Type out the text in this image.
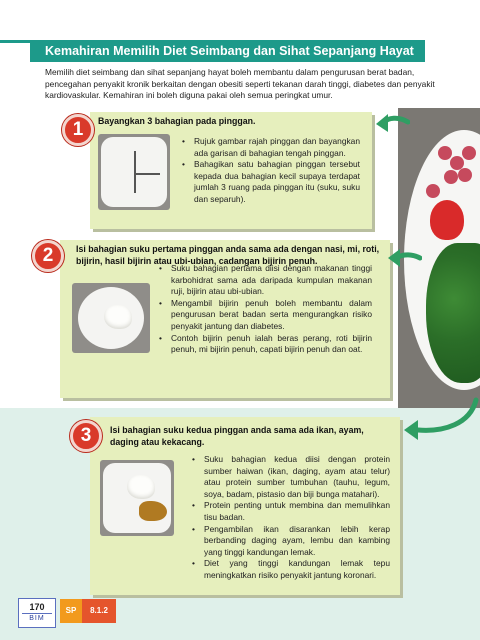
Kemahiran Memilih Diet Seimbang dan Sihat Sepanjang Hayat

Memilih diet seimbang dan sihat sepanjang hayat boleh membantu dalam pengurusan berat badan, pencegahan penyakit kronik berkaitan dengan obesiti seperti tekanan darah tinggi, diabetes dan penyakit kardiovaskular. Kemahiran ini boleh diguna pakai oleh semua peringkat umur.

1	Bayangkan 3 bahagian pada pinggan.
• Rujuk gambar rajah pinggan dan bayangkan ada garisan di bahagian tengah pinggan.
• Bahagikan satu bahagian pinggan tersebut kepada dua bahagian kecil supaya terdapat jumlah 3 ruang pada pinggan itu (suku, suku dan separuh).
2	Isi bahagian suku pertama pinggan anda sama ada dengan nasi, mi, roti, bijirin, hasil bijirin atau ubi-ubian, cadangan bijirin penuh.
• Suku bahagian pertama diisi dengan makanan tinggi karbohidrat sama ada daripada kumpulan makanan ruji, bijirin atau ubi-ubian.
• Mengambil bijirin penuh boleh membantu dalam pengurusan berat badan serta mengurangkan risiko penyakit jantung dan diabetes.
• Contoh bijirin penuh ialah beras perang, roti bijirin penuh, mi bijirin penuh, capati bijirin penuh dan oat.
3	Isi bahagian suku kedua pinggan anda sama ada ikan, ayam, daging atau kekacang.
• Suku bahagian kedua diisi dengan protein sumber haiwan (ikan, daging, ayam atau telur) atau protein sumber tumbuhan (tauhu, legum, soya, badam, pistasio dan biji bunga matahari).
• Protein penting untuk membina dan memulihkan tisu badan.
• Pengambilan ikan disarankan lebih kerap berbanding daging ayam, lembu dan kambing yang tinggi kandungan lemak.
• Diet yang tinggi kandungan lemak tepu meningkatkan risiko penyakit jantung koronari.
170
BIM
SP	8.1.2
